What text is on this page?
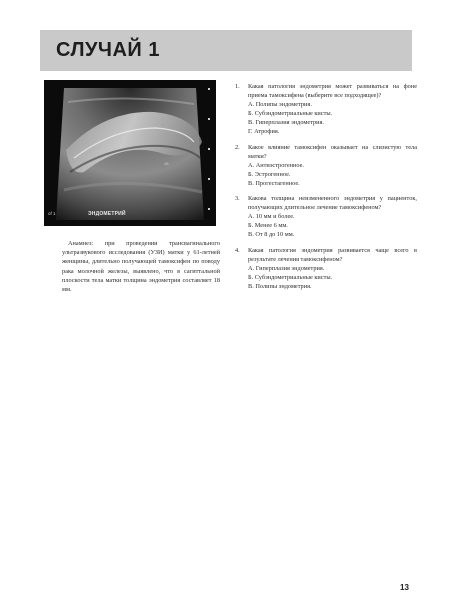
СЛУЧАЙ 1
18
of 1	ЭНДОМЕТРИЙ
Анамнез: при проведении трансвагинального ультразвукового исследования (УЗИ) матки у 61-летней женщины, длительно получающей тамоксифен по поводу рака молочной железы, выявлено, что в сагиттальной плоскости тела матки толщина эндометрия составляет 18 мм.
1.	Какая патология эндометрия может развиваться на фоне приема тамоксифена (выберите все подходящее)?
А. Полипы эндометрия.
Б. Субэндометриальные кисты.
В. Гиперплазия эндометрия.
Г. Атрофия.
2.	Какое влияние тамоксифен оказывает на слизистую тела матки?
А. Антиэстрогенное.
Б. Эстрогенное.
В. Прогестагенное.
3.	Какова толщина неизмененного эндометрия у пациенток, получающих длительное лечение тамоксифеном?
А. 10 мм и более.
Б. Менее 6 мм.
В. От 8 до 10 мм.
4.	Какая патология эндометрия развивается чаще всего в результате лечения тамоксифеном?
А. Гиперплазия эндометрия.
Б. Субэндометриальные кисты.
В. Полипы эндометрия.
13
